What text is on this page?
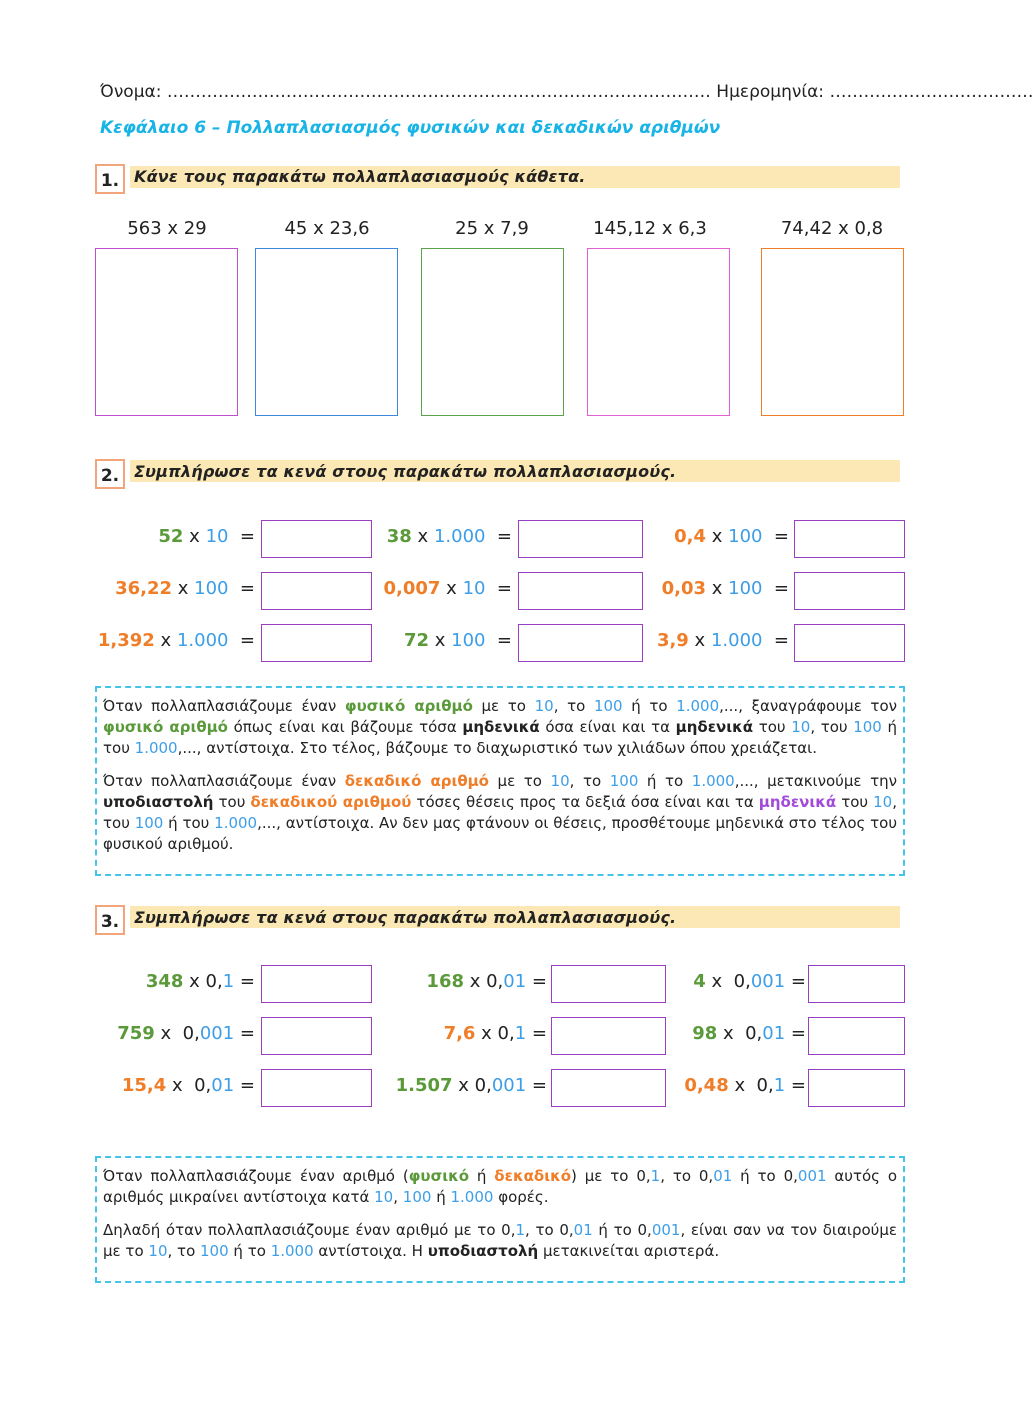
Όνομα: …………………………………………………………………………………… Ημερομηνία: ………………………………
Κεφάλαιο 6 – Πολλαπλασιασμός φυσικών και δεκαδικών αριθμών
1. Κάνε τους παρακάτω πολλαπλασιασμούς κάθετα.
563 x 29	45 x 23,6	25 x 7,9	145,12 x 6,3	74,42 x 0,8
2. Συμπλήρωσε τα κενά στους παρακάτω πολλαπλασιασμούς.
52 x 10  =	38 x 1.000  =	0,4 x 100  =
36,22 x 100  =	0,007 x 10  =	0,03 x 100  =
1,392 x 1.000  =	72 x 100  =	3,9 x 1.000  =

Όταν πολλαπλασιάζουμε έναν φυσικό αριθμό με το 10, το 100 ή το 1.000,..., ξαναγράφουμε τον φυσικό αριθμό όπως είναι και βάζουμε τόσα μηδενικά όσα είναι και τα μηδενικά του 10, του 100 ή του 1.000,..., αντίστοιχα. Στο τέλος, βάζουμε το διαχωριστικό των χιλιάδων όπου χρειάζεται.

Όταν πολλαπλασιάζουμε έναν δεκαδικό αριθμό με το 10, το 100 ή το 1.000,..., μετακινούμε την υποδιαστολή του δεκαδικού αριθμού τόσες θέσεις προς τα δεξιά όσα είναι και τα μηδενικά του 10, του 100 ή του 1.000,..., αντίστοιχα. Αν δεν μας φτάνουν οι θέσεις, προσθέτουμε μηδενικά στο τέλος του φυσικού αριθμού.

3. Συμπλήρωσε τα κενά στους παρακάτω πολλαπλασιασμούς.
348 x 0,1 =	168 x 0,01 =	4 x  0,001 =
759 x  0,001 =	7,6 x 0,1 =	98 x  0,01 =
15,4 x  0,01 =	1.507 x 0,001 =	0,48 x  0,1 =

Όταν πολλαπλασιάζουμε έναν αριθμό (φυσικό ή δεκαδικό) με το 0,1, το 0,01 ή το 0,001 αυτός ο αριθμός μικραίνει αντίστοιχα κατά 10, 100 ή 1.000 φορές.

Δηλαδή όταν πολλαπλασιάζουμε έναν αριθμό με το 0,1, το 0,01 ή το 0,001, είναι σαν να τον διαιρούμε με το 10, το 100 ή το 1.000 αντίστοιχα. Η υποδιαστολή μετακινείται αριστερά.
